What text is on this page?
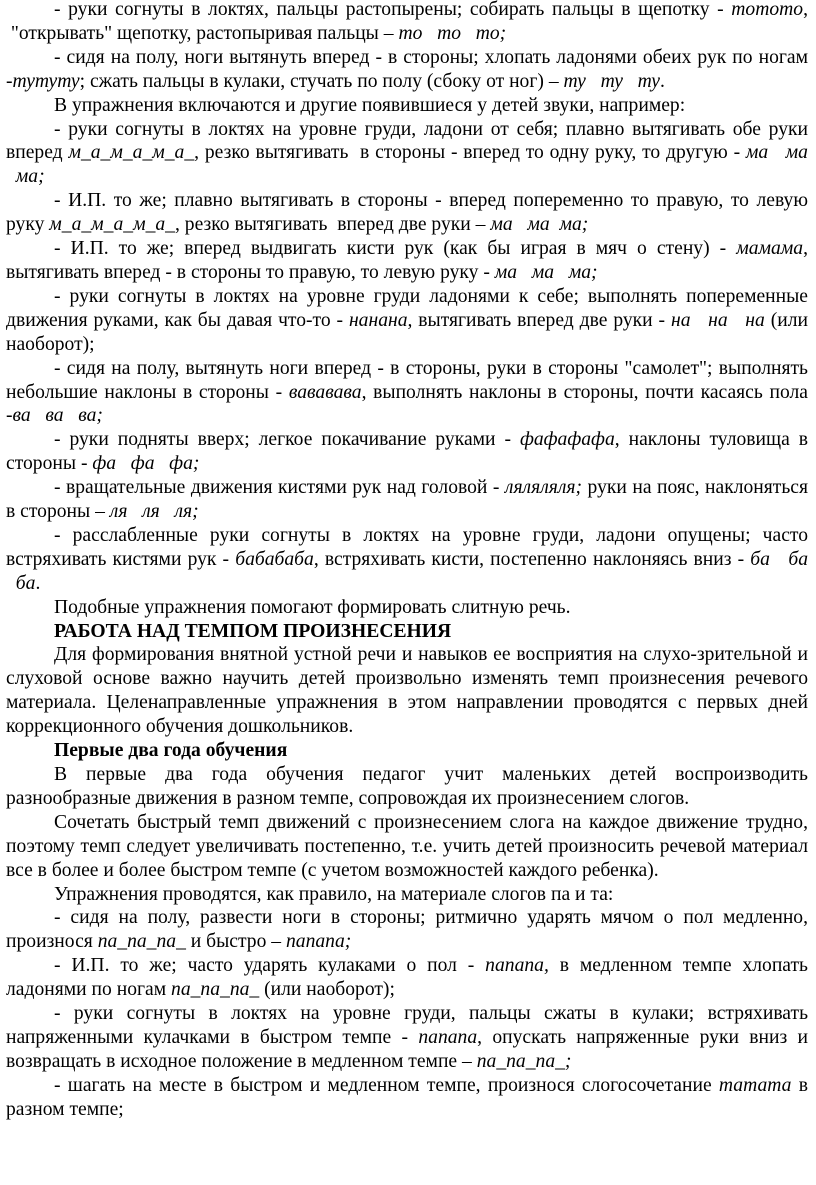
- руки согнуты в локтях, пальцы растопырены; собирать пальцы в щепотку - тототo,  "открывать" щепотку, растопыривая пальцы – то   то   то;

- сидя на полу, ноги вытянуть вперед - в стороны; хлопать ладонями обеих рук по ногам -тутуту; сжать пальцы в кулаки, стучать по полу (сбоку от ног) – ту   ту   ту.

В упражнения включаются и другие появившиеся у детей звуки, например:

- руки согнуты в локтях на уровне груди, ладони от себя; плавно вытягивать обе руки вперед м_а_м_а_м_а_, резко вытягивать  в стороны - вперед то одну руку, то другую - ма   ма   ма;

- И.П. то же; плавно вытягивать в стороны - вперед попеременно то правую, то левую руку м_а_м_а_м_а_, резко вытягивать  вперед две руки – ма   ма  ма;

- И.П. то же; вперед выдвигать кисти рук (как бы играя в мяч о стену) - мамама, вытягивать вперед - в стороны то правую, то левую руку - ма   ма   ма;

- руки согнуты в локтях на уровне груди ладонями к себе; выполнять попеременные движения руками, как бы давая что-то - нанана, вытягивать вперед две руки - на   на   на (или наоборот);

- сидя на полу, вытянуть ноги вперед - в стороны, руки в стороны "самолет"; выполнять небольшие наклоны в стороны - вававава, выполнять наклоны в стороны, почти касаясь пола -ва   ва   ва;

- руки подняты вверх; легкое покачивание руками - фафафафа, наклоны туловища в стороны - фа   фа   фа;

- вращательные движения кистями рук над головой - ляляляля; руки на пояс, наклоняться в стороны – ля   ля   ля;

- расслабленные руки согнуты в локтях на уровне груди, ладони опущены; часто встряхивать кистями рук - бабабаба, встряхивать кисти, постепенно наклоняясь вниз - ба   ба   ба.

Подобные упражнения помогают формировать слитную речь.

РАБОТА НАД ТЕМПОМ ПРОИЗНЕСЕНИЯ

Для формирования внятной устной речи и навыков ее восприятия на слухо-зрительной и слуховой основе важно научить детей произвольно изменять темп произнесения речевого материала. Целенаправленные упражнения в этом направлении проводятся с первых дней коррекционного обучения дошкольников.

Первые два года обучения

В первые два года обучения педагог учит маленьких детей воспроизводить разнообразные движения в разном темпе, сопровождая их произнесением слогов.

Сочетать быстрый темп движений с произнесением слога на каждое движение трудно, поэтому темп следует увеличивать постепенно, т.е. учить детей произносить речевой материал все в более и более быстром темпе (с учетом возможностей каждого ребенка).

Упражнения проводятся, как правило, на материале слогов па и та:

- сидя на полу, развести ноги в стороны; ритмично ударять мячом о пол медленно, произнося па_па_па_ и быстро – папапа;

- И.П. то же; часто ударять кулаками о пол - папапа, в медленном темпе хлопать ладонями по ногам па_па_па_ (или наоборот);

- руки согнуты в локтях на уровне груди, пальцы сжаты в кулаки; встряхивать напряженными кулачками в быстром темпе - папапа, опускать напряженные руки вниз и возвращать в исходное положение в медленном темпе – па_па_па_;

- шагать на месте в быстром и медленном темпе, произнося слогосочетание татата в разном темпе;
